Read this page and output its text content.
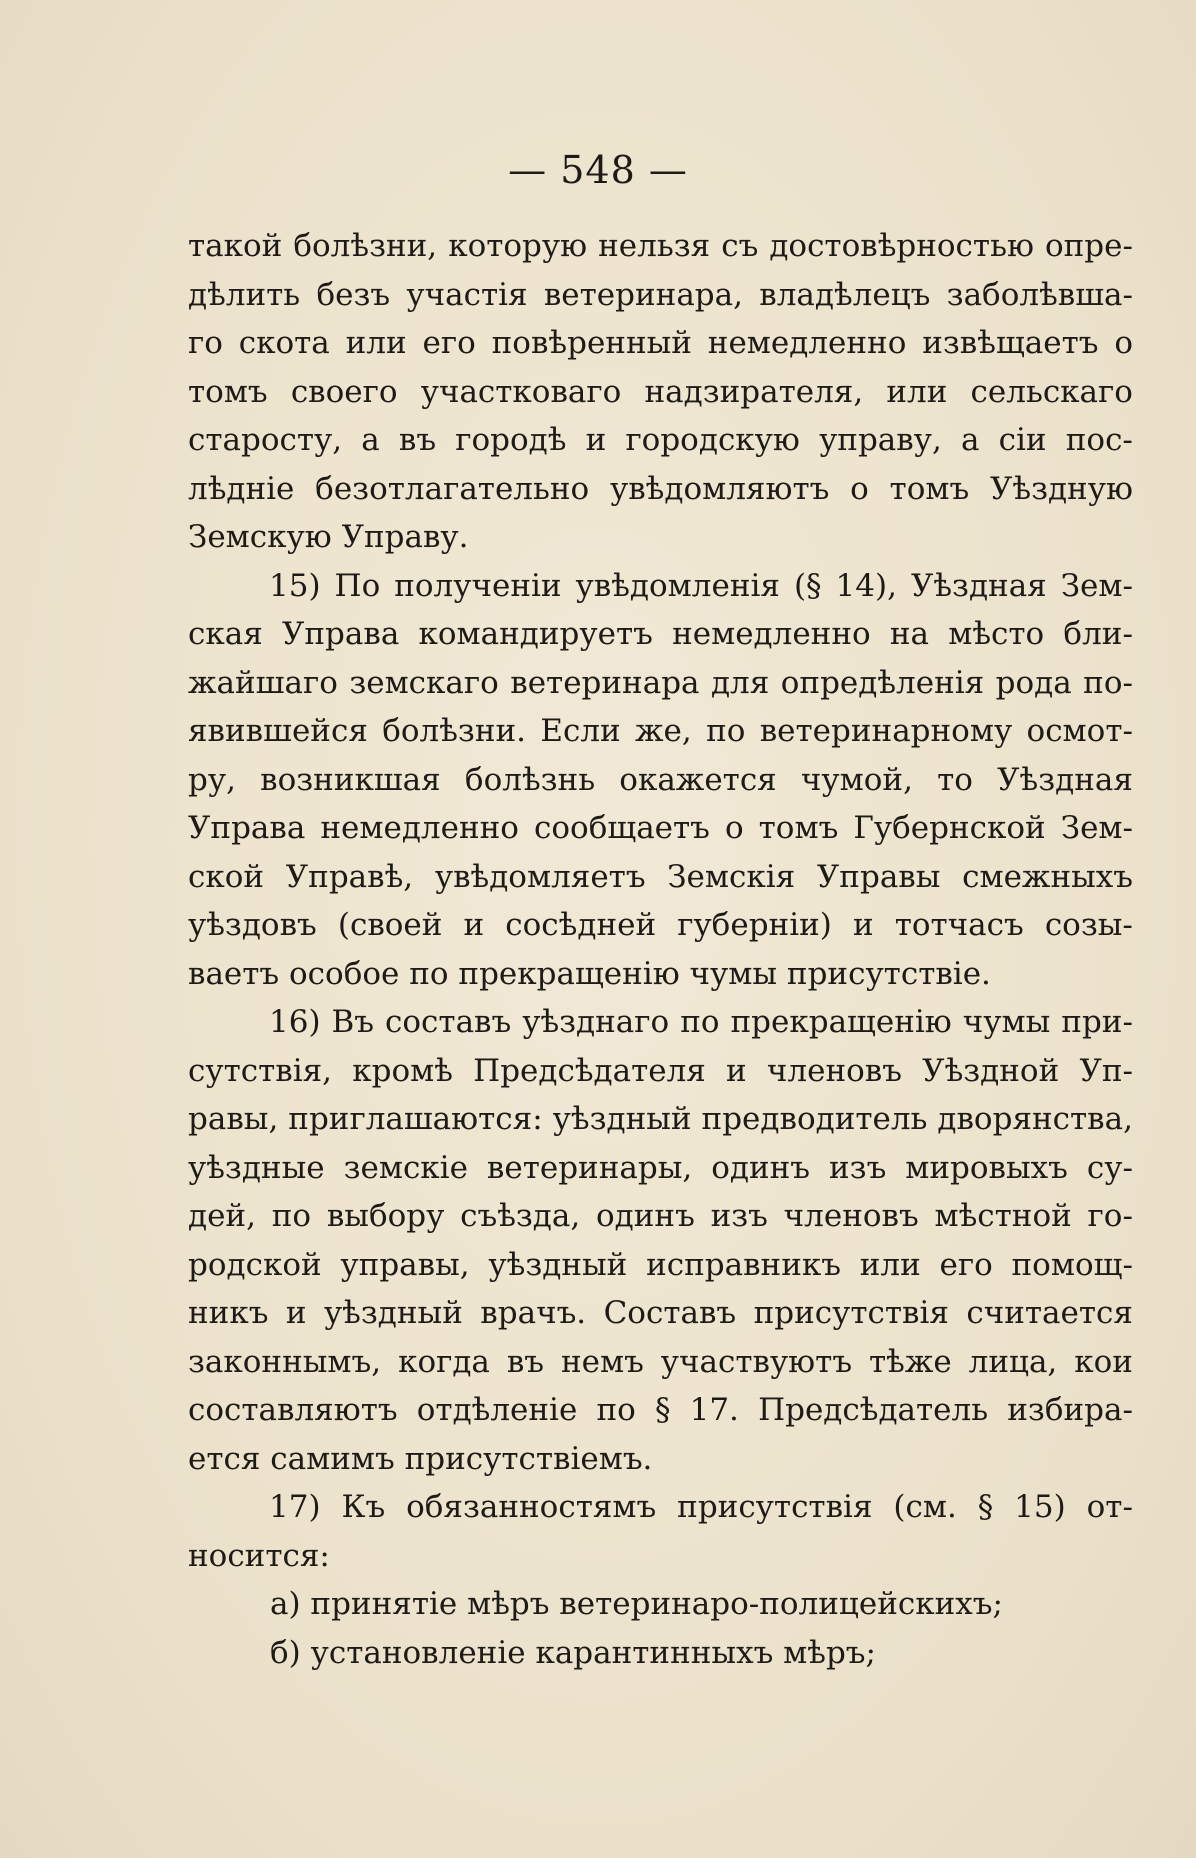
— 548 —
такой болѣзни, которую нельзя съ достовѣрностью опре-
дѣлить безъ участія ветеринара, владѣлецъ заболѣвша-
го скота или его повѣренный немедленно извѣщаетъ о
томъ своего участковаго надзирателя, или сельскаго
старосту, а въ городѣ и городскую управу, а сіи пос-
лѣдніе безотлагательно увѣдомляютъ о томъ Уѣздную
Земскую Управу.
15) По полученіи увѣдомленія (§ 14), Уѣздная Зем-
ская Управа командируетъ немедленно на мѣсто бли-
жайшаго земскаго ветеринара для опредѣленія рода по-
явившейся болѣзни. Если же, по ветеринарному осмот-
ру, возникшая болѣзнь окажется чумой, то Уѣздная
Управа немедленно сообщаетъ о томъ Губернской Зем-
ской Управѣ, увѣдомляетъ Земскія Управы смежныхъ
уѣздовъ (своей и сосѣдней губерніи) и тотчасъ созы-
ваетъ особое по прекращенію чумы присутствіе.
16) Въ составъ уѣзднаго по прекращенію чумы при-
сутствія, кромѣ Предсѣдателя и членовъ Уѣздной Уп-
равы, приглашаются: уѣздный предводитель дворянства,
уѣздные земскіе ветеринары, одинъ изъ мировыхъ су-
дей, по выбору съѣзда, одинъ изъ членовъ мѣстной го-
родской управы, уѣздный исправникъ или его помощ-
никъ и уѣздный врачъ. Составъ присутствія считается
законнымъ, когда въ немъ участвуютъ тѣже лица, кои
составляютъ отдѣленіе по § 17. Предсѣдатель избира-
ется самимъ присутствіемъ.
17) Къ обязанностямъ присутствія (см. § 15) от-
носится:
а) принятіе мѣръ ветеринаро-полицейскихъ;
б) установленіе карантинныхъ мѣръ;
